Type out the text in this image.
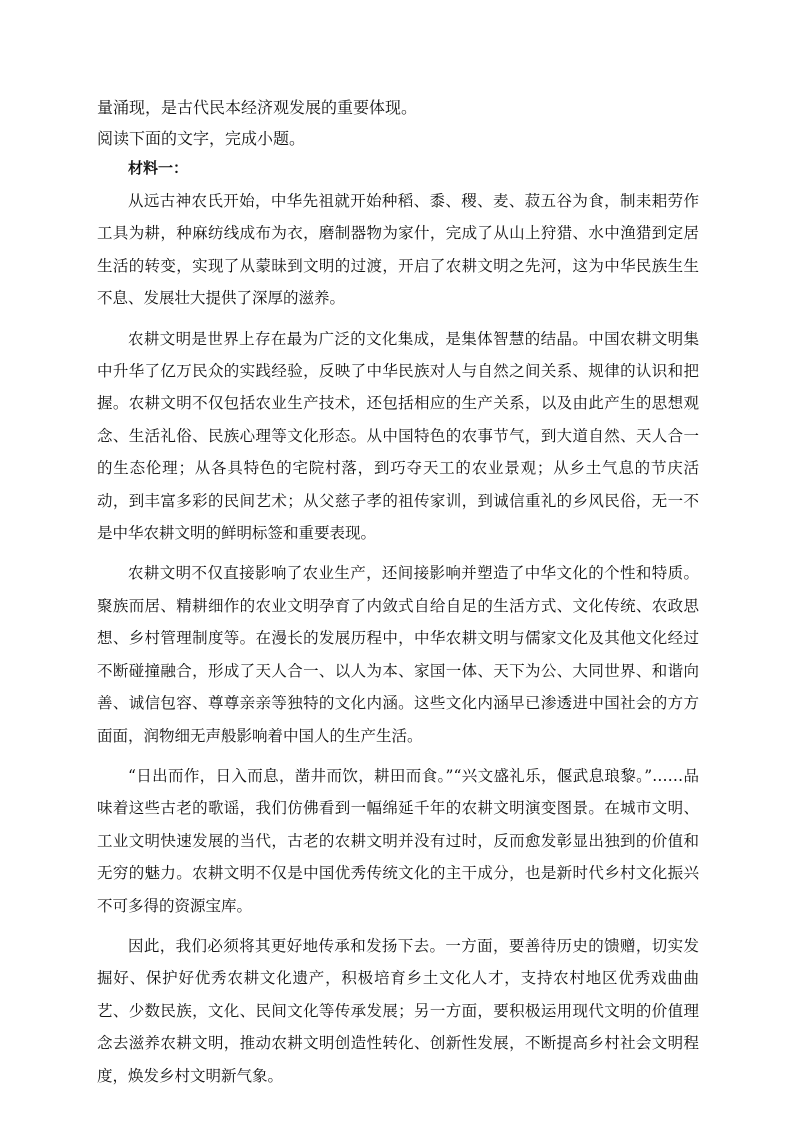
量涌现，是古代民本经济观发展的重要体现。
阅读下面的文字，完成小题。
材料一：

从远古神农氏开始，中华先祖就开始种稻、黍、稷、麦、菽五谷为食，制耒耜劳作工具为耕，种麻纺线成布为衣，磨制器物为家什，完成了从山上狩猎、水中渔猎到定居生活的转变，实现了从蒙昧到文明的过渡，开启了农耕文明之先河，这为中华民族生生不息、发展壮大提供了深厚的滋养。

农耕文明是世界上存在最为广泛的文化集成，是集体智慧的结晶。中国农耕文明集中升华了亿万民众的实践经验，反映了中华民族对人与自然之间关系、规律的认识和把握。农耕文明不仅包括农业生产技术，还包括相应的生产关系，以及由此产生的思想观念、生活礼俗、民族心理等文化形态。从中国特色的农事节气，到大道自然、天人合一的生态伦理；从各具特色的宅院村落，到巧夺天工的农业景观；从乡土气息的节庆活动，到丰富多彩的民间艺术；从父慈子孝的祖传家训，到诚信重礼的乡风民俗，无一不是中华农耕文明的鲜明标签和重要表现。

农耕文明不仅直接影响了农业生产，还间接影响并塑造了中华文化的个性和特质。聚族而居、精耕细作的农业文明孕育了内敛式自给自足的生活方式、文化传统、农政思想、乡村管理制度等。在漫长的发展历程中，中华农耕文明与儒家文化及其他文化经过不断碰撞融合，形成了天人合一、以人为本、家国一体、天下为公、大同世界、和谐向善、诚信包容、尊尊亲亲等独特的文化内涵。这些文化内涵早已渗透进中国社会的方方面面，润物细无声般影响着中国人的生产生活。

“日出而作，日入而息，凿井而饮，耕田而食。”“兴文盛礼乐，偃武息琅黎。”……品味着这些古老的歌谣，我们仿佛看到一幅绵延千年的农耕文明演变图景。在城市文明、工业文明快速发展的当代，古老的农耕文明并没有过时，反而愈发彰显出独到的价值和无穷的魅力。农耕文明不仅是中国优秀传统文化的主干成分，也是新时代乡村文化振兴不可多得的资源宝库。

因此，我们必须将其更好地传承和发扬下去。一方面，要善待历史的馈赠，切实发掘好、保护好优秀农耕文化遗产，积极培育乡土文化人才，支持农村地区优秀戏曲曲艺、少数民族，文化、民间文化等传承发展；另一方面，要积极运用现代文明的价值理念去滋养农耕文明，推动农耕文明创造性转化、创新性发展，不断提高乡村社会文明程度，焕发乡村文明新气象。
